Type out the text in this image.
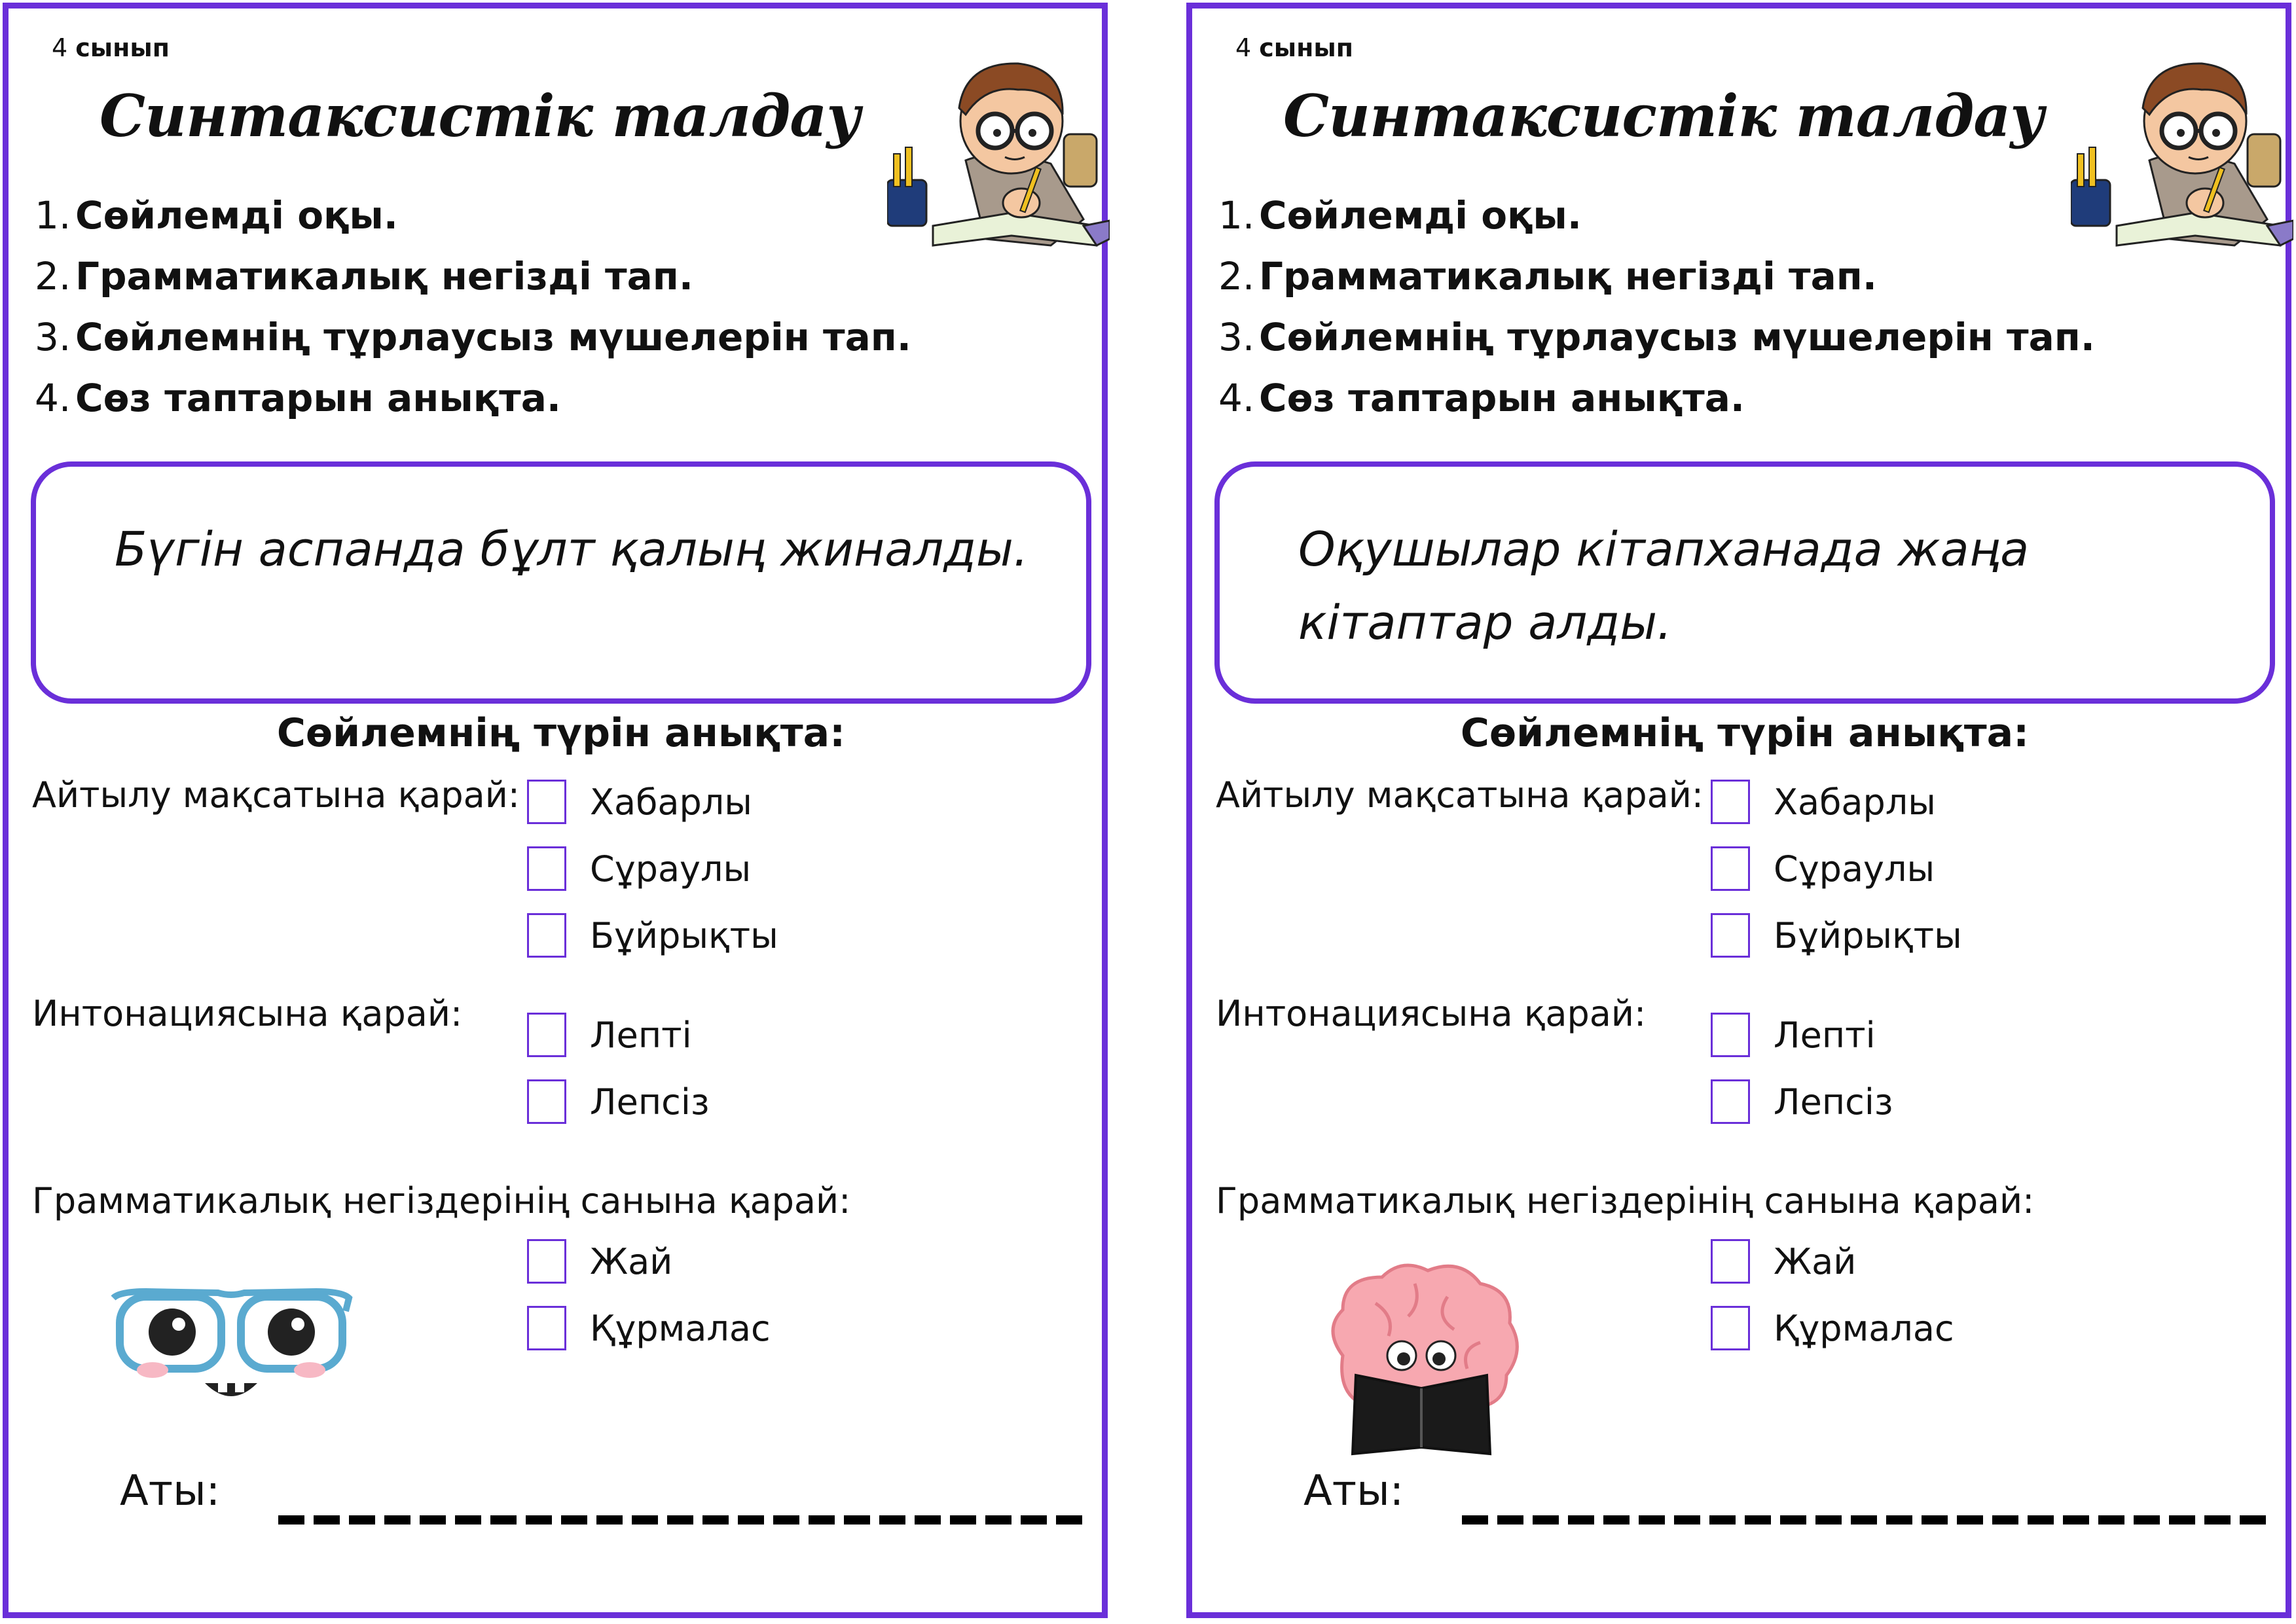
4 сынып
Синтаксистік талдау
1. Сөйлемді оқы.
2. Грамматикалық негізді тап.
3. Сөйлемнің тұрлаусыз мүшелерін тап.
4. Сөз таптарын анықта.
Бүгін аспанда бұлт қалың жиналды.
Сөйлемнің түрін анықта:
Айтылу мақсатына қарай: Хабарлы
Сұраулы
Бұйрықты
Интонациясына қарай:
Лепті
Лепсіз
Грамматикалық негіздерінің санына қарай:
Жай
Құрмалас
Аты:
4 сынып
Синтаксистік талдау
1. Сөйлемді оқы.
2. Грамматикалық негізді тап.
3. Сөйлемнің тұрлаусыз мүшелерін тап.
4. Сөз таптарын анықта.
Оқушылар кітапханада жаңа
кітаптар алды.
Сөйлемнің түрін анықта:
Айтылу мақсатына қарай: Хабарлы
Сұраулы
Бұйрықты
Интонациясына қарай:
Лепті
Лепсіз
Грамматикалық негіздерінің санына қарай:
Жай
Құрмалас
Аты:
